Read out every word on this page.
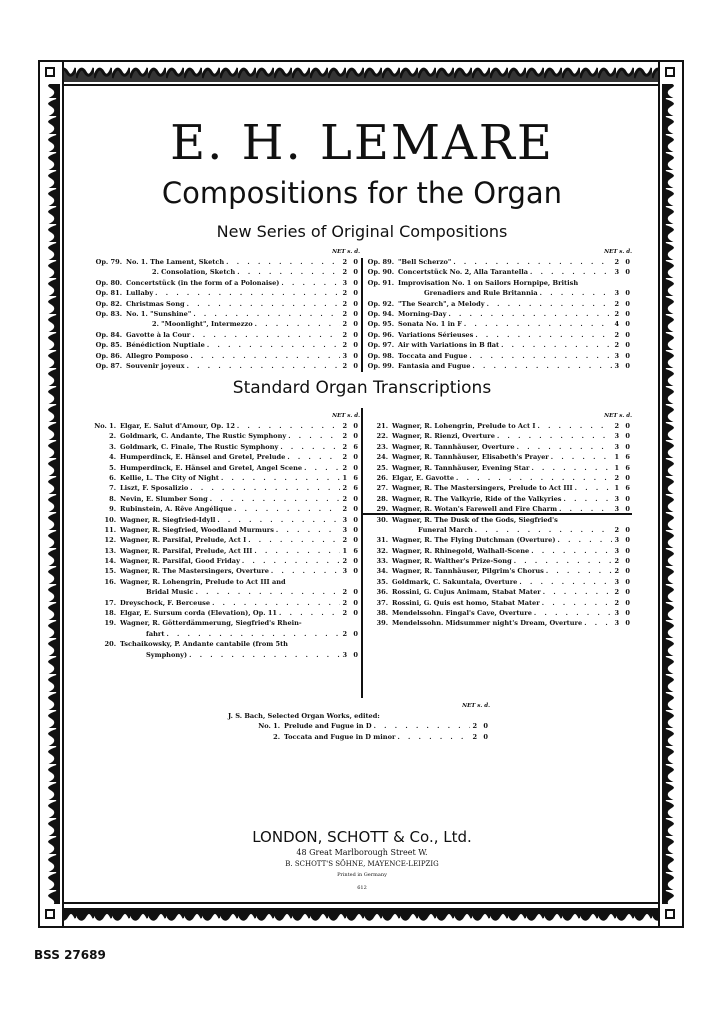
E. H. LEMARE
Compositions for the Organ
New Series of Original Compositions
NET s. d.
Op. 79. No. 1. The Lament, Sketch . . .	2 0
2. Consolation, Sketch . . .	2 0
Op. 80. Concertstück (in the form of a Polonaise) . . .	3 0
Op. 81. Lullaby . . .	2 0
Op. 82. Christmas Song . . .	2 0
Op. 83. No. 1. "Sunshine" . . .	2 0
2. "Moonlight", Intermezzo . . .	2 0
Op. 84. Gavotte à la Cour . . .	2 0
Op. 85. Bénédiction Nuptiale . . .	2 0
Op. 86. Allegro Pomposo . . .	3 0
Op. 87. Souvenir joyeux . . .	2 0
NET s. d.
Op. 89. "Bell Scherzo" . . .	2 0
Op. 90. Concertstück No. 2, Alla Tarantella . . .	3 0
Op. 91. Improvisation No. 1 on Sailors Hornpipe, British
Grenadiers and Rule Britannia . . .	3 0
Op. 92. "The Search", a Melody . . .	2 0
Op. 94. Morning-Day . . .	2 0
Op. 95. Sonata No. 1 in F . . .	4 0
Op. 96. Variations Sérieuses . . .	2 0
Op. 97. Air with Variations in B flat . . .	2 0
Op. 98. Toccata and Fugue . . .	3 0
Op. 99. Fantasia and Fugue . . .	3 0
Standard Organ Transcriptions
NET s. d.
No. 1. Elgar, E. Salut d'Amour, Op. 12 . . .	2 0
2. Goldmark, C. Andante, The Rustic Symphony . . .	2 0
3. Goldmark, C. Finale, The Rustic Symphony . . .	2 6
4. Humperdinck, E. Hänsel and Gretel, Prelude . . .	2 0
5. Humperdinck, E. Hänsel and Gretel, Angel Scene . . .	2 0
6. Kellie, L. The City of Night . . .	1 6
7. Liszt, F. Sposalizio . . .	2 6
8. Nevin, E. Slumber Song . . .	2 0
9. Rubinstein, A. Rêve Angélique . . .	2 0
10. Wagner, R. Siegfried-Idyll . . .	3 0
11. Wagner, R. Siegfried, Woodland Murmurs . . .	3 0
12. Wagner, R. Parsifal, Prelude, Act I . . .	2 0
13. Wagner, R. Parsifal, Prelude, Act III . . .	1 6
14. Wagner, R. Parsifal, Good Friday . . .	2 0
15. Wagner, R. The Mastersingers, Overture . . .	3 0
16. Wagner, R. Lohengrin, Prelude to Act III and
Bridal Music . . .	2 0
17. Dreyschock, F. Berceuse . . .	2 0
18. Elgar, E. Sursum corda (Elevation), Op. 11 . . .	2 0
19. Wagner, R. Götterdämmerung, Siegfried's Rhein-
fahrt . . .	2 0
20. Tschaikowsky, P. Andante cantabile (from 5th
Symphony) . . .	3 0
NET s. d.
21. Wagner, R. Lohengrin, Prelude to Act I . . .	2 0
22. Wagner, R. Rienzi, Overture . . .	3 0
23. Wagner, R. Tannhäuser, Overture . . .	3 0
24. Wagner, R. Tannhäuser, Elisabeth's Prayer . . .	1 6
25. Wagner, R. Tannhäuser, Evening Star . . .	1 6
26. Elgar, E. Gavotte . . .	2 0
27. Wagner, R. The Mastersingers, Prelude to Act III . . .	1 6
28. Wagner, R. The Valkyrie, Ride of the Valkyries . . .	3 0
29. Wagner, R. Wotan's Farewell and Fire Charm . . .	3 0
30. Wagner, R. The Dusk of the Gods, Siegfried's
Funeral March . . .	2 0
31. Wagner, R. The Flying Dutchman (Overture) . . .	3 0
32. Wagner, R. Rhinegold, Walhall-Scene . . .	3 0
33. Wagner, R. Walther's Prize-Song . . .	2 0
34. Wagner, R. Tannhäuser, Pilgrim's Chorus . . .	2 0
35. Goldmark, C. Sakuntala, Overture . . .	3 0
36. Rossini, G. Cujus Animam, Stabat Mater . . .	2 0
37. Rossini, G. Quis est homo, Stabat Mater . . .	2 0
38. Mendelssohn. Fingal's Cave, Overture . . .	3 0
39. Mendelssohn. Midsummer night's Dream, Overture . . .	3 0
NET s. d.
J. S. Bach, Selected Organ Works, edited:
No. 1. Prelude and Fugue in D . . .	2 0
2. Toccata and Fugue in D minor . . .	2 0
LONDON, SCHOTT & Co., Ltd.
48 Great Marlborough Street W.
B. SCHOTT'S SÖHNE, MAYENCE-LEIPZIG
Printed in Germany
612
BSS 27689
